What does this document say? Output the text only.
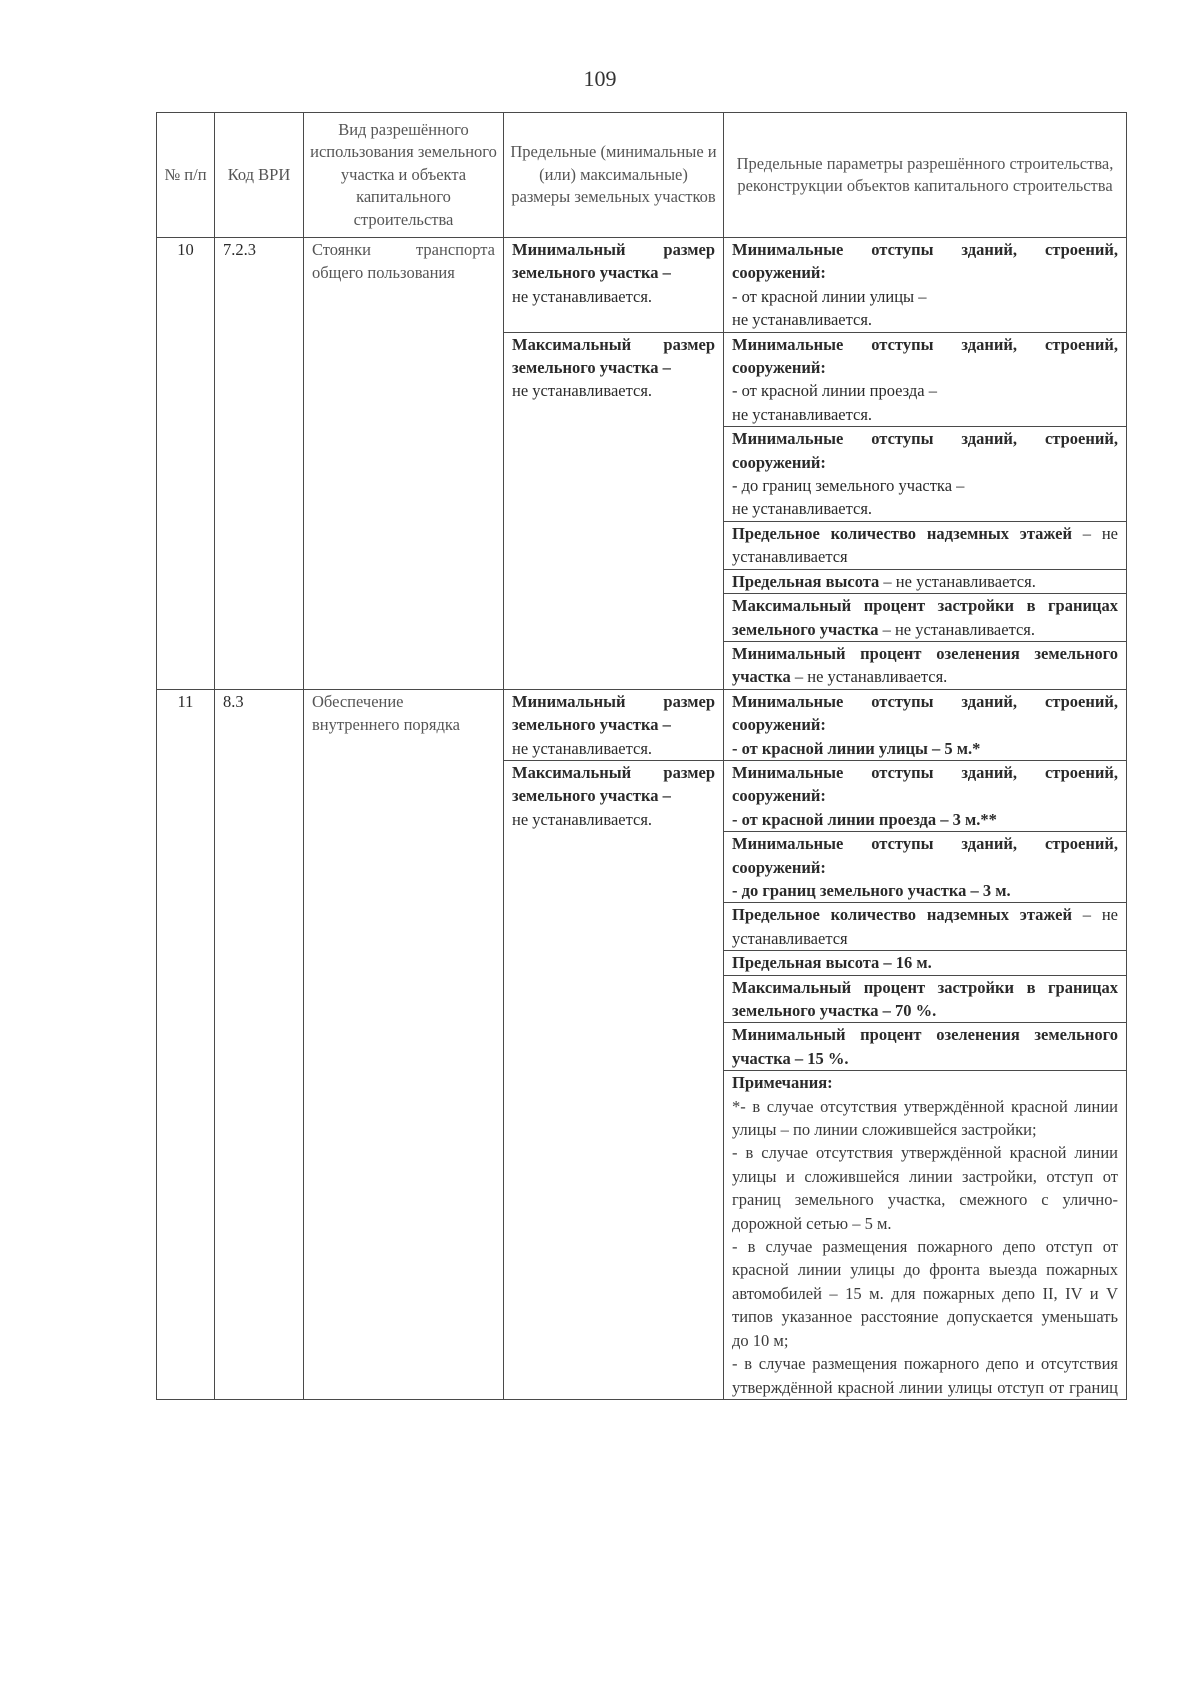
109
№ п/п	Код ВРИ	Вид разрешённого использования земельного участка и объекта капитального строительства	Предельные (минимальные и (или) максимальные) размеры земельных участков	Предельные параметры разрешённого строительства, реконструкции объектов капитального строительства
10	7.2.3	Стоянки транспорта общего пользования	Минимальный размер земельного участка –
не устанавливается.	Минимальные отступы зданий, строений, сооружений:
- от красной линии улицы –
не устанавливается.

			Максимальный размер земельного участка –
не устанавливается.	Минимальные отступы зданий, строений, сооружений:
- от красной линии проезда –
не устанавливается.
				Минимальные отступы зданий, строений, сооружений:
- до границ земельного участка –
не устанавливается.
				Предельное количество надземных этажей – не устанавливается
				Предельная высота – не устанавливается.
				Максимальный процент застройки в границах земельного участка – не устанавливается.
				Минимальный процент озеленения земельного участка – не устанавливается.
11	8.3	Обеспечение внутреннего порядка	Минимальный размер земельного участка –
не устанавливается.	Минимальные отступы зданий, строений, сооружений:
- от красной линии улицы – 5 м.*

			Максимальный размер земельного участка –
не устанавливается.	Минимальные отступы зданий, строений, сооружений:
- от красной линии проезда – 3 м.**

				Минимальные отступы зданий, строений, сооружений:
- до границ земельного участка – 3 м.

				Предельное количество надземных этажей – не устанавливается
				Предельная высота – 16 м.
				Максимальный процент застройки в границах земельного участка – 70 %.
				Минимальный процент озеленения земельного участка – 15 %.
				Примечания:
*- в случае отсутствия утверждённой красной линии улицы – по линии сложившейся застройки;
- в случае отсутствия утверждённой красной линии улицы и сложившейся линии застройки, отступ от границ земельного участка, смежного с улично-дорожной сетью – 5 м.
- в случае размещения пожарного депо отступ от красной линии улицы до фронта выезда пожарных автомобилей – 15 м. для пожарных депо II, IV и V типов указанное расстояние допускается уменьшать до 10 м;
- в случае размещения пожарного депо и отсутствия утверждённой красной линии улицы отступ от границ
